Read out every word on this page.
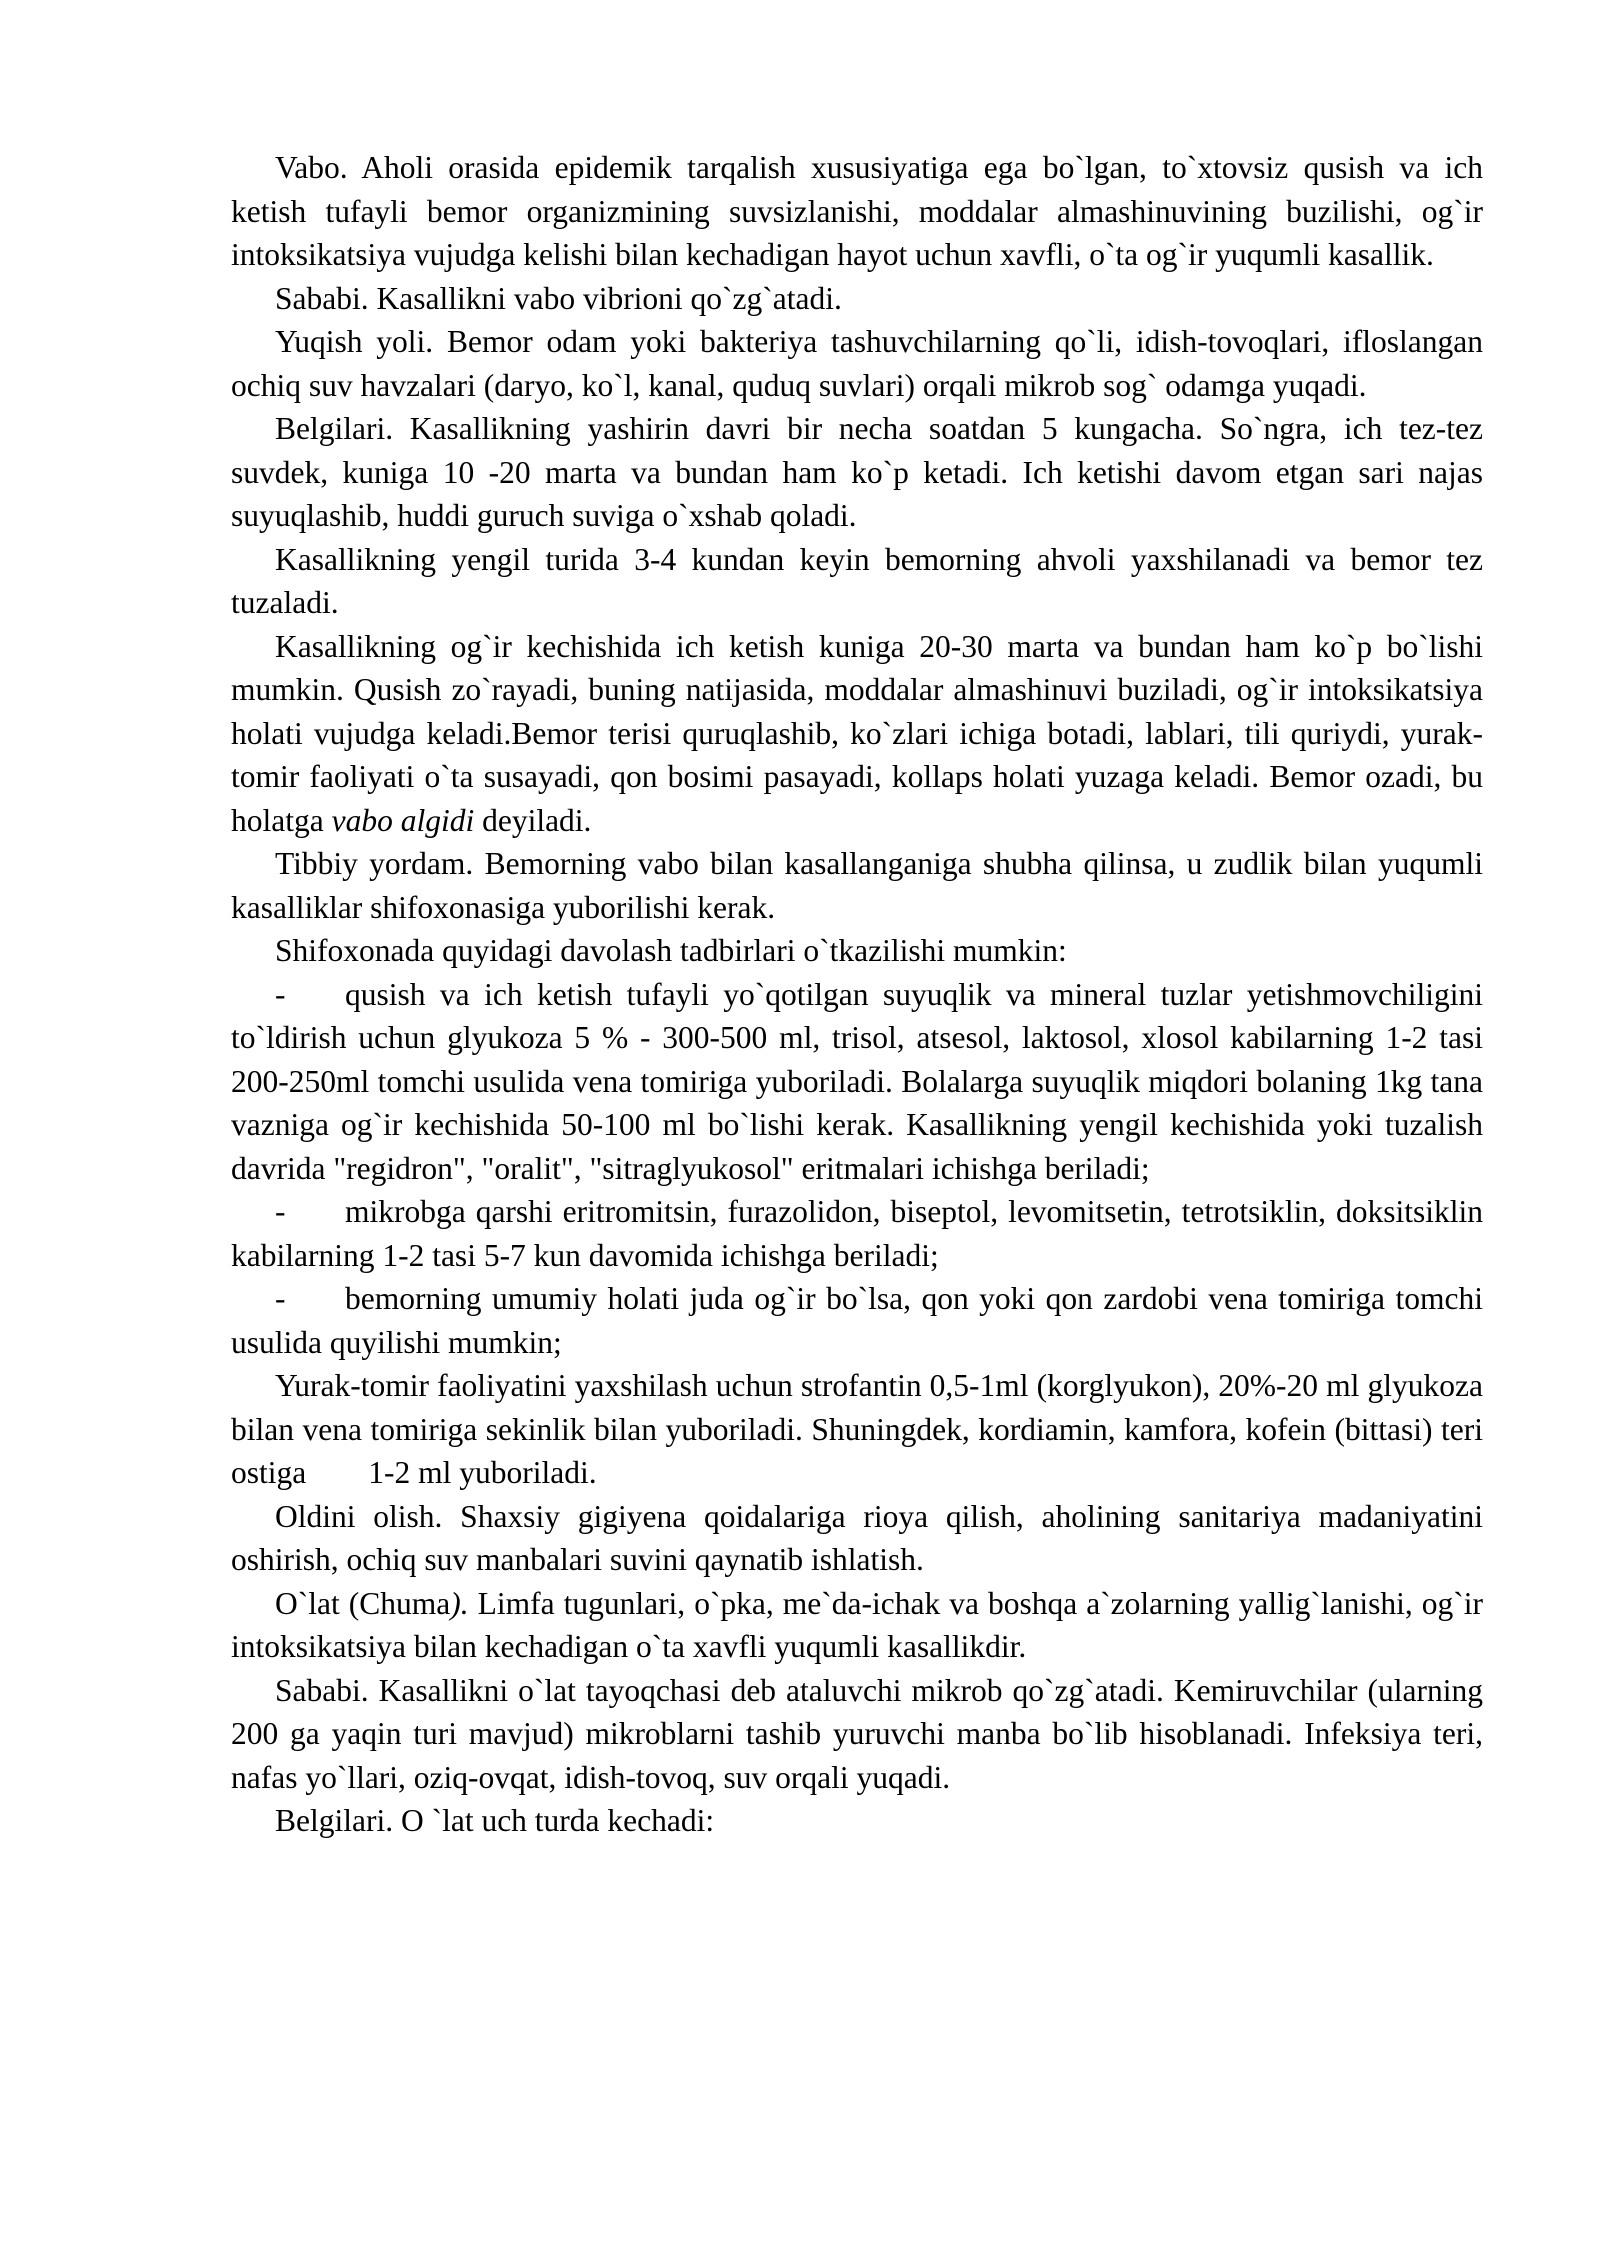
Vabo. Aholi orasida epidemik tarqalish xususiyatiga ega bo`lgan, to`xtovsiz qusish va ich ketish tufayli bemor organizmining suvsizlanishi, moddalar almashinuvining buzilishi, og`ir intoksikatsiya vujudga kelishi bilan kechadigan hayot uchun xavfli, o`ta og`ir yuqumli kasallik.

Sababi. Kasallikni vabo vibrioni qo`zg`atadi.

Yuqish yoli. Bemor odam yoki bakteriya tashuvchilarning qo`li, idish-tovoqlari, ifloslangan ochiq suv havzalari (daryo, ko`l, kanal, quduq suvlari) orqali mikrob sog` odamga yuqadi.

Belgilari. Kasallikning yashirin davri bir necha soatdan 5 kungacha. So`ngra, ich tez-tez suvdek, kuniga 10 -20 marta va bundan ham ko`p ketadi. Ich ketishi davom etgan sari najas suyuqlashib, huddi guruch suviga o`xshab qoladi.

Kasallikning yengil turida 3-4 kundan keyin bemorning ahvoli yaxshilanadi va bemor tez tuzaladi.

Kasallikning og`ir kechishida ich ketish kuniga 20-30 marta va bundan ham ko`p bo`lishi mumkin. Qusish zo`rayadi, buning natijasida, moddalar almashinuvi buziladi, og`ir intoksikatsiya holati vujudga keladi.Bemor terisi quruqlashib, ko`zlari ichiga botadi, lablari, tili quriydi, yurak-tomir faoliyati o`ta susayadi, qon bosimi pasayadi, kollaps holati yuzaga keladi. Bemor ozadi, bu holatga vabo algidi deyiladi.

Tibbiy yordam. Bemorning vabo bilan kasallanganiga shubha qilinsa, u zudlik bilan yuqumli kasalliklar shifoxonasiga yuborilishi kerak.

Shifoxonada quyidagi davolash tadbirlari o`tkazilishi mumkin:

- qusish va ich ketish tufayli yo`qotilgan suyuqlik va mineral tuzlar yetishmovchiligini to`ldirish uchun glyukoza 5 % - 300-500 ml, trisol, atsesol, laktosol, xlosol kabilarning 1-2 tasi 200-250ml tomchi usulida vena tomiriga yuboriladi. Bolalarga suyuqlik miqdori bolaning 1kg tana vazniga og`ir kechishida 50-100 ml bo`lishi kerak. Kasallikning yengil kechishida yoki tuzalish davrida "regidron", "oralit", "sitraglyukosol" eritmalari ichishga beriladi;

- mikrobga qarshi eritromitsin, furazolidon, biseptol, levomitsetin, tetrotsiklin, doksitsiklin kabilarning 1-2 tasi 5-7 kun davomida ichishga beriladi;

- bemorning umumiy holati juda og`ir bo`lsa, qon yoki qon zardobi vena tomiriga tomchi usulida quyilishi mumkin;

Yurak-tomir faoliyatini yaxshilash uchun strofantin 0,5-1ml (korglyukon), 20%-20 ml glyukoza bilan vena tomiriga sekinlik bilan yuboriladi. Shuningdek, kordiamin, kamfora, kofein (bittasi) teri ostiga 1-2 ml yuboriladi.

Oldini olish. Shaxsiy gigiyena qoidalariga rioya qilish, aholining sanitariya madaniyatini oshirish, ochiq suv manbalari suvini qaynatib ishlatish.

O`lat (Chuma). Limfa tugunlari, o`pka, me`da-ichak va boshqa a`zolarning yallig`lanishi, og`ir intoksikatsiya bilan kechadigan o`ta xavfli yuqumli kasallikdir.

Sababi. Kasallikni o`lat tayoqchasi deb ataluvchi mikrob qo`zg`atadi. Kemiruvchilar (ularning 200 ga yaqin turi mavjud) mikroblarni tashib yuruvchi manba bo`lib hisoblanadi. Infeksiya teri, nafas yo`llari, oziq-ovqat, idish-tovoq, suv orqali yuqadi.

Belgilari. O `lat uch turda kechadi:
